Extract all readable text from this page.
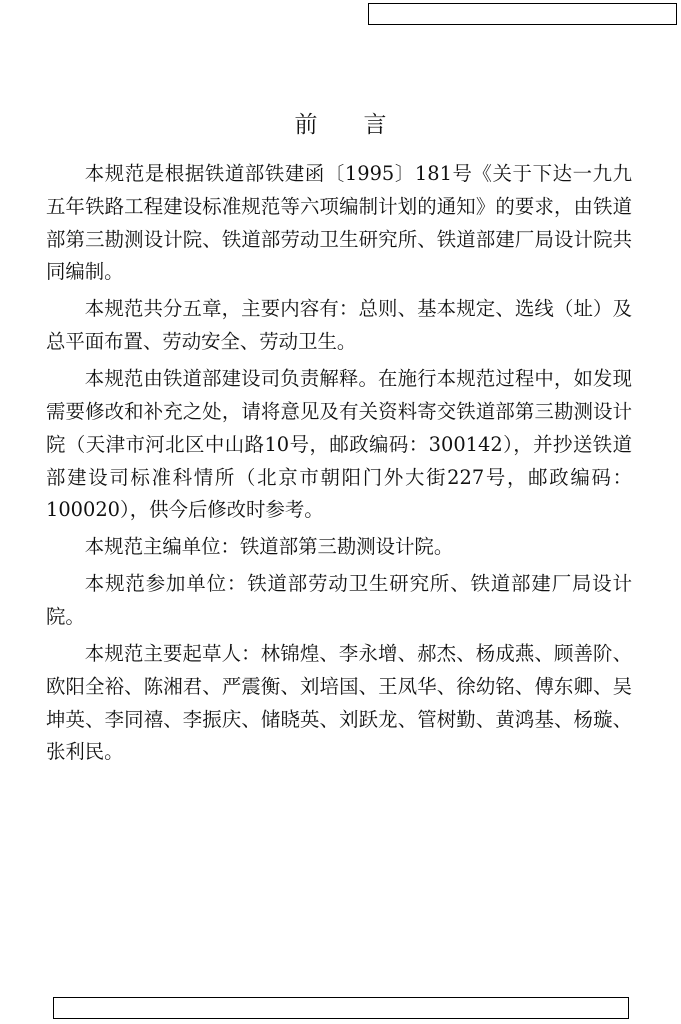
前言

本规范是根据铁道部铁建函〔1995〕181号《关于下达一九九五年铁路工程建设标准规范等六项编制计划的通知》的要求，由铁道部第三勘测设计院、铁道部劳动卫生研究所、铁道部建厂局设计院共同编制。

本规范共分五章，主要内容有：总则、基本规定、选线（址）及总平面布置、劳动安全、劳动卫生。

本规范由铁道部建设司负责解释。在施行本规范过程中，如发现需要修改和补充之处，请将意见及有关资料寄交铁道部第三勘测设计院（天津市河北区中山路10号，邮政编码：300142），并抄送铁道部建设司标准科情所（北京市朝阳门外大街227号，邮政编码：100020），供今后修改时参考。

本规范主编单位：铁道部第三勘测设计院。

本规范参加单位：铁道部劳动卫生研究所、铁道部建厂局设计院。

本规范主要起草人：林锦煌、李永增、郝杰、杨成燕、顾善阶、欧阳全裕、陈湘君、严震衡、刘培国、王凤华、徐幼铭、傅东卿、吴坤英、李同禧、李振庆、储晓英、刘跃龙、管树勤、黄鸿基、杨璇、张利民。
